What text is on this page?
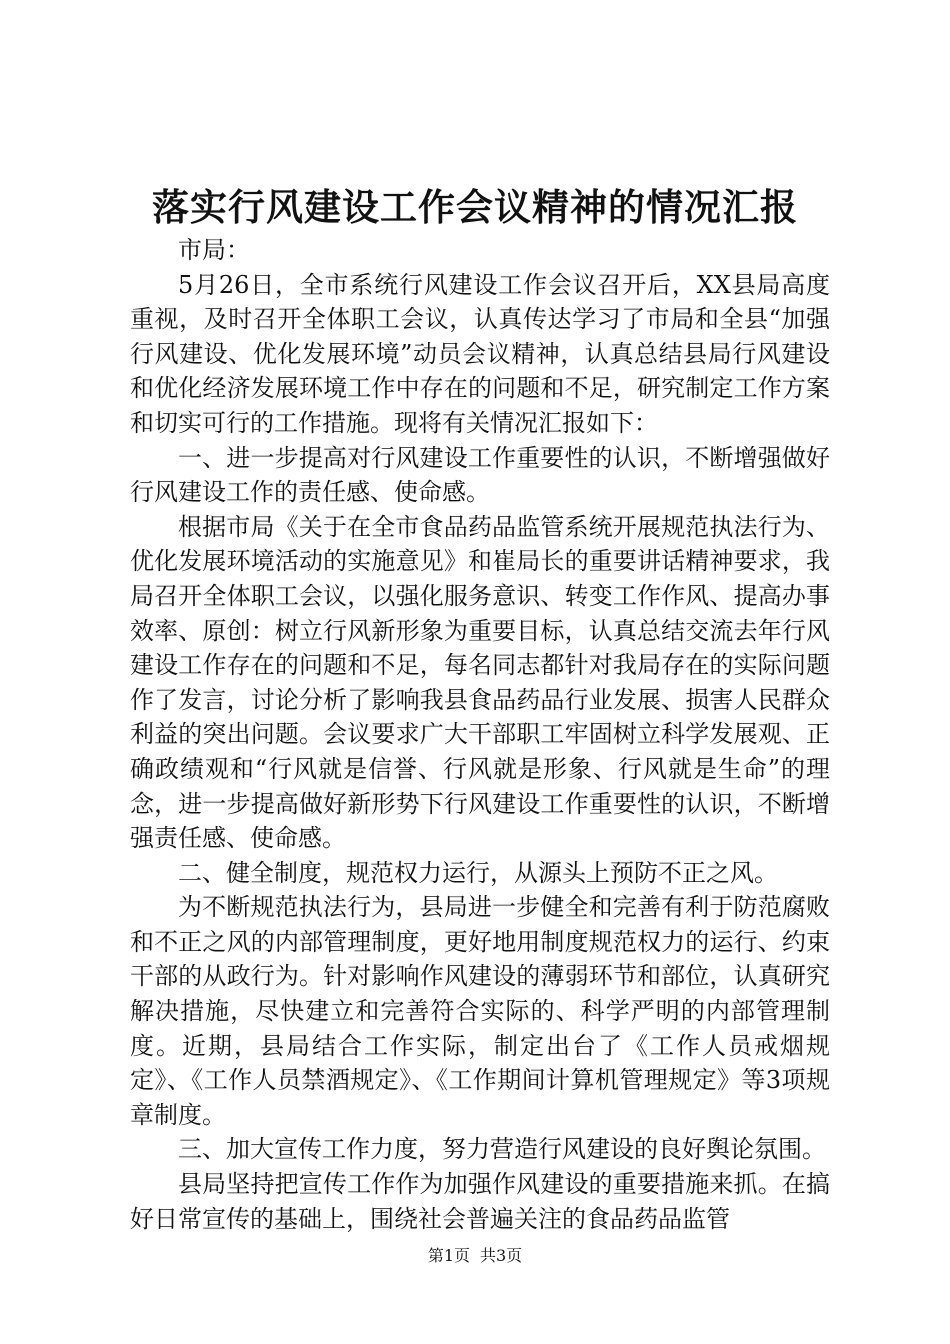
落实行风建设工作会议精神的情况汇报

市局：

5月26日，全市系统行风建设工作会议召开后，XX县局高度重视，及时召开全体职工会议，认真传达学习了市局和全县“加强行风建设、优化发展环境”动员会议精神，认真总结县局行风建设和优化经济发展环境工作中存在的问题和不足，研究制定工作方案和切实可行的工作措施。现将有关情况汇报如下：

一、进一步提高对行风建设工作重要性的认识，不断增强做好行风建设工作的责任感、使命感。

根据市局《关于在全市食品药品监管系统开展规范执法行为、优化发展环境活动的实施意见》和崔局长的重要讲话精神要求，我局召开全体职工会议，以强化服务意识、转变工作作风、提高办事效率、原创：树立行风新形象为重要目标，认真总结交流去年行风建设工作存在的问题和不足，每名同志都针对我局存在的实际问题作了发言，讨论分析了影响我县食品药品行业发展、损害人民群众利益的突出问题。会议要求广大干部职工牢固树立科学发展观、正确政绩观和“行风就是信誉、行风就是形象、行风就是生命”的理念，进一步提高做好新形势下行风建设工作重要性的认识，不断增强责任感、使命感。

二、健全制度，规范权力运行，从源头上预防不正之风。

为不断规范执法行为，县局进一步健全和完善有利于防范腐败和不正之风的内部管理制度，更好地用制度规范权力的运行、约束干部的从政行为。针对影响作风建设的薄弱环节和部位，认真研究解决措施，尽快建立和完善符合实际的、科学严明的内部管理制度。近期，县局结合工作实际，制定出台了《工作人员戒烟规定》、《工作人员禁酒规定》、《工作期间计算机管理规定》等3项规章制度。

三、加大宣传工作力度，努力营造行风建设的良好舆论氛围。

县局坚持把宣传工作作为加强作风建设的重要措施来抓。在搞好日常宣传的基础上，围绕社会普遍关注的食品药品监管

第1页 共3页
